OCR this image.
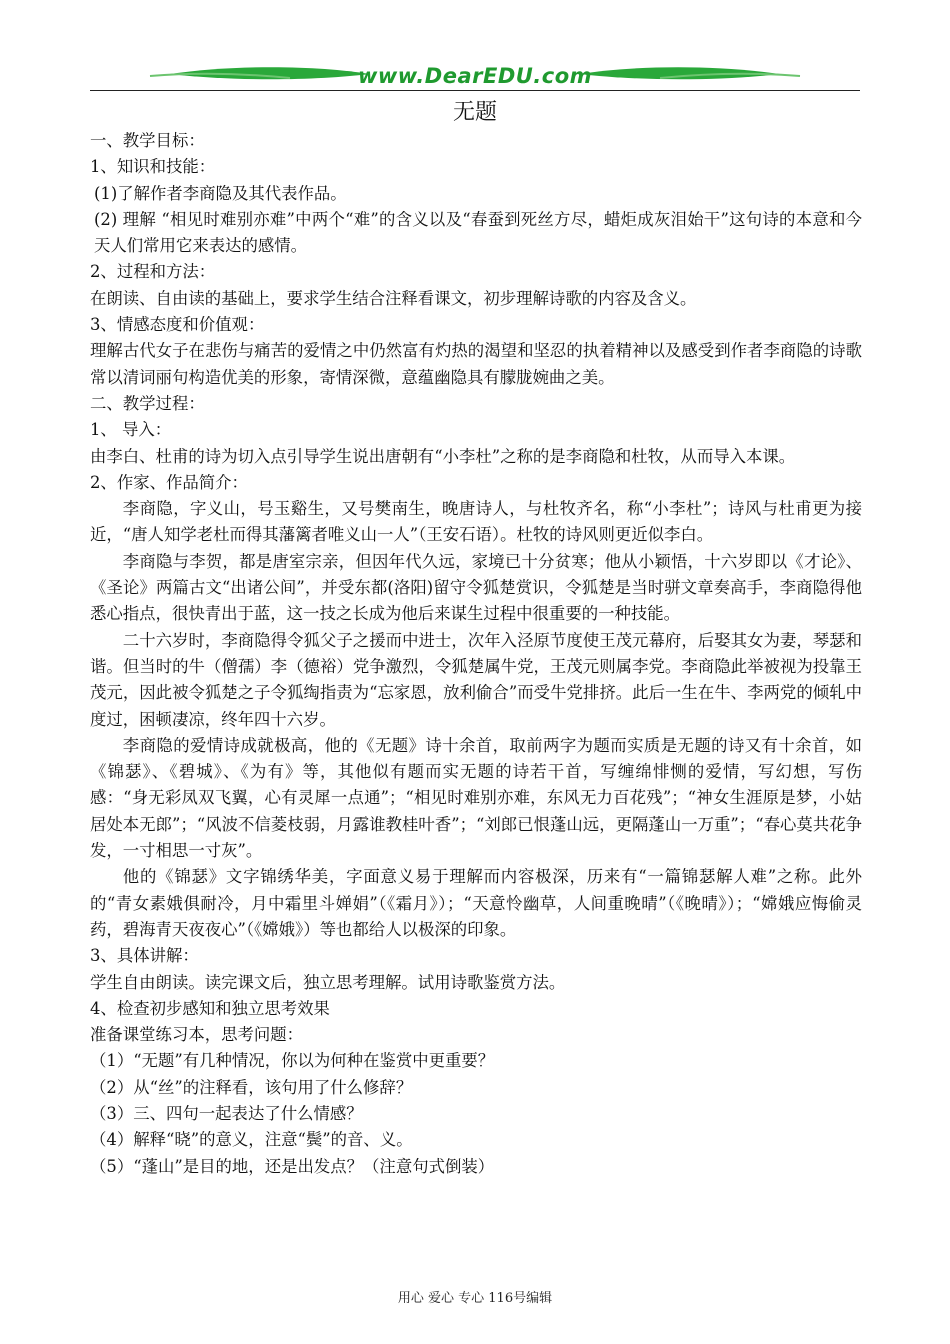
www.DearEDU.com
无题

一、教学目标：

1、知识和技能：

(1)了解作者李商隐及其代表作品。

(2) 理解 “相见时难别亦难”中两个“难”的含义以及“春蚕到死丝方尽，蜡炬成灰泪始干”这句诗的本意和今天人们常用它来表达的感情。

2、过程和方法：

在朗读、自由读的基础上，要求学生结合注释看课文，初步理解诗歌的内容及含义。

3、情感态度和价值观：

理解古代女子在悲伤与痛苦的爱情之中仍然富有灼热的渴望和坚忍的执着精神以及感受到作者李商隐的诗歌常以清词丽句构造优美的形象，寄情深微，意蕴幽隐具有朦胧婉曲之美。

二、教学过程：

1、 导入：

由李白、杜甫的诗为切入点引导学生说出唐朝有“小李杜”之称的是李商隐和杜牧，从而导入本课。

2、作家、作品简介：

李商隐，字义山，号玉谿生，又号樊南生，晚唐诗人，与杜牧齐名，称“小李杜”；诗风与杜甫更为接近，“唐人知学老杜而得其藩篱者唯义山一人”（王安石语）。杜牧的诗风则更近似李白。

李商隐与李贺，都是唐室宗亲，但因年代久远，家境已十分贫寒；他从小颖悟，十六岁即以《才论》、《圣论》两篇古文“出诸公间”，并受东都(洛阳)留守令狐楚赏识，令狐楚是当时骈文章奏高手，李商隐得他悉心指点，很快青出于蓝，这一技之长成为他后来谋生过程中很重要的一种技能。

二十六岁时，李商隐得令狐父子之援而中进士，次年入泾原节度使王茂元幕府，后娶其女为妻，琴瑟和谐。但当时的牛（僧孺）李（德裕）党争激烈，令狐楚属牛党，王茂元则属李党。李商隐此举被视为投靠王茂元，因此被令狐楚之子令狐绹指责为“忘家恩，放利偷合”而受牛党排挤。此后一生在牛、李两党的倾轧中度过，困顿凄凉，终年四十六岁。

李商隐的爱情诗成就极高，他的《无题》诗十余首，取前两字为题而实质是无题的诗又有十余首，如《锦瑟》、《碧城》、《为有》等，其他似有题而实无题的诗若干首，写缠绵悱恻的爱情，写幻想，写伤感：“身无彩凤双飞翼，心有灵犀一点通”；“相见时难别亦难，东风无力百花残”；“神女生涯原是梦，小姑居处本无郎”；“风波不信菱枝弱，月露谁教桂叶香”；“刘郎已恨蓬山远，更隔蓬山一万重”；“春心莫共花争发，一寸相思一寸灰”。

他的《锦瑟》文字锦绣华美，字面意义易于理解而内容极深，历来有“一篇锦瑟解人难”之称。此外的“青女素娥俱耐冷，月中霜里斗婵娟”（《霜月》）；“天意怜幽草，人间重晚晴”（《晚晴》）；“嫦娥应悔偷灵药，碧海青天夜夜心”（《嫦娥》）等也都给人以极深的印象。

3、具体讲解：

学生自由朗读。读完课文后，独立思考理解。试用诗歌鉴赏方法。

4、检查初步感知和独立思考效果

准备课堂练习本，思考问题：

（1）“无题”有几种情况，你以为何种在鉴赏中更重要？

（2）从“丝”的注释看，该句用了什么修辞？

（3）三、四句一起表达了什么情感？

（4）解释“晓”的意义，注意“鬓”的音、义。

（5）“蓬山”是目的地，还是出发点？（注意句式倒装）

用心 爱心 专心 116号编辑
